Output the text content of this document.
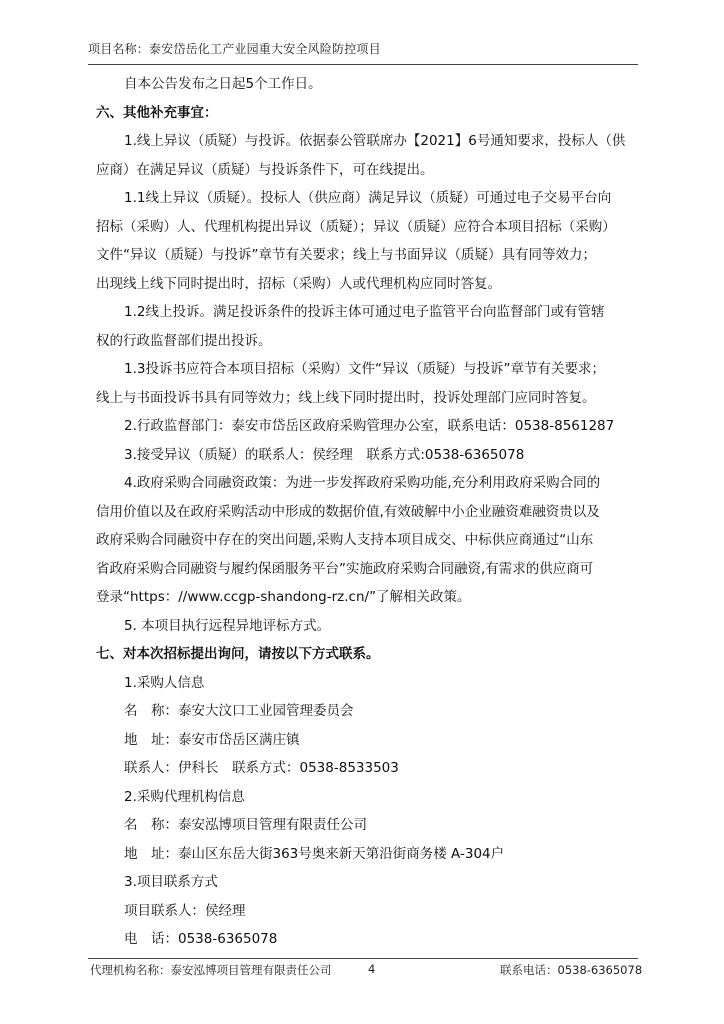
项目名称：泰安岱岳化工产业园重大安全风险防控项目
自本公告发布之日起5个工作日。
六、其他补充事宜：
1.线上异议（质疑）与投诉。依据泰公管联席办【2021】6号通知要求，投标人（供
应商）在满足异议（质疑）与投诉条件下，可在线提出。
1.1线上异议（质疑）。投标人（供应商）满足异议（质疑）可通过电子交易平台向
招标（采购）人、代理机构提出异议（质疑）；异议（质疑）应符合本项目招标（采购）
文件“异议（质疑）与投诉”章节有关要求；线上与书面异议（质疑）具有同等效力；
出现线上线下同时提出时，招标（采购）人或代理机构应同时答复。
1.2线上投诉。满足投诉条件的投诉主体可通过电子监管平台向监督部门或有管辖
权的行政监督部们提出投诉。
1.3投诉书应符合本项目招标（采购）文件“异议（质疑）与投诉”章节有关要求；
线上与书面投诉书具有同等效力；线上线下同时提出时，投诉处理部门应同时答复。
2.行政监督部门：泰安市岱岳区政府采购管理办公室，联系电话：0538-8561287
3.接受异议（质疑）的联系人：侯经理　联系方式:0538-6365078
4.政府采购合同融资政策：为进一步发挥政府采购功能,充分利用政府采购合同的
信用价值以及在政府采购活动中形成的数据价值,有效破解中小企业融资难融资贵以及
政府采购合同融资中存在的突出问题,采购人支持本项目成交、中标供应商通过“山东
省政府采购合同融资与履约保函服务平台”实施政府采购合同融资,有需求的供应商可
登录“https：//www.ccgp-shandong-rz.cn/”了解相关政策。
5. 本项目执行远程异地评标方式。
七、对本次招标提出询问，请按以下方式联系。
1.采购人信息
名　称：泰安大汶口工业园管理委员会
地　址：泰安市岱岳区满庄镇
联系人：伊科长　联系方式：0538-8533503
2.采购代理机构信息
名　称：泰安泓博项目管理有限责任公司
地　址：泰山区东岳大街363号奥来新天第沿街商务楼 A-304户
3.项目联系方式
项目联系人：侯经理
电　话：0538-6365078
代理机构名称：泰安泓博项目管理有限责任公司	4	联系电话：0538-6365078
